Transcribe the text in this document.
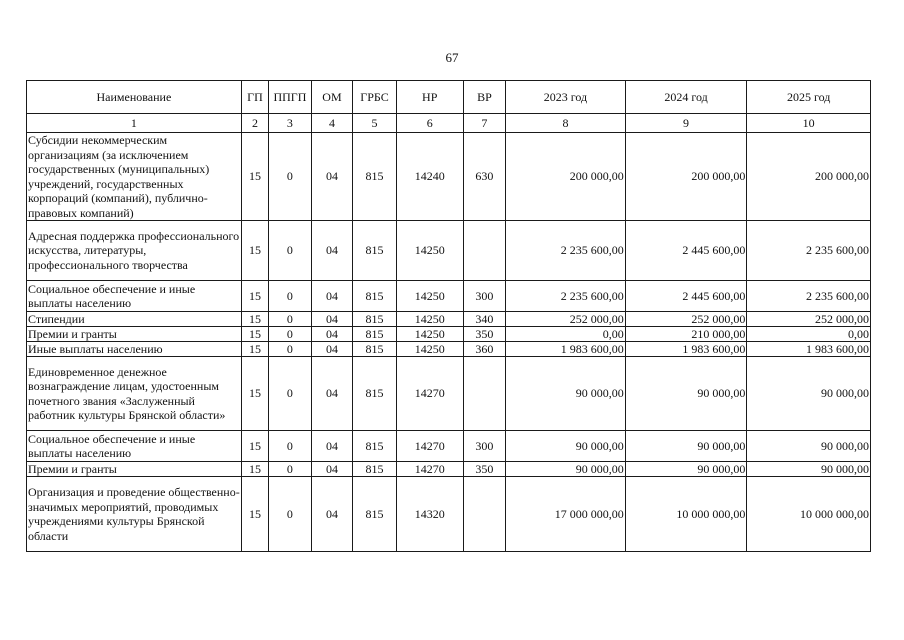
67
Наименование	ГП	ППГП	ОМ	ГРБС	НР	ВР	2023 год	2024 год	2025 год
1	2	3	4	5	6	7	8	9	10
Субсидии некоммерческим организациям (за исключением государственных (муниципальных) учреждений, государственных корпораций (компаний), публично-правовых компаний)	15	0	04	815	14240	630	200 000,00	200 000,00	200 000,00
Адресная поддержка профессионального искусства, литературы, профессионального творчества	15	0	04	815	14250		2 235 600,00	2 445 600,00	2 235 600,00
Социальное обеспечение и иные выплаты населению	15	0	04	815	14250	300	2 235 600,00	2 445 600,00	2 235 600,00
Стипендии	15	0	04	815	14250	340	252 000,00	252 000,00	252 000,00
Премии и гранты	15	0	04	815	14250	350	0,00	210 000,00	0,00
Иные выплаты населению	15	0	04	815	14250	360	1 983 600,00	1 983 600,00	1 983 600,00
Единовременное денежное вознаграждение лицам, удостоенным почетного звания «Заслуженный работник культуры Брянской области»	15	0	04	815	14270		90 000,00	90 000,00	90 000,00
Социальное обеспечение и иные выплаты населению	15	0	04	815	14270	300	90 000,00	90 000,00	90 000,00
Премии и гранты	15	0	04	815	14270	350	90 000,00	90 000,00	90 000,00
Организация и проведение общественно-значимых мероприятий, проводимых учреждениями культуры Брянской области	15	0	04	815	14320		17 000 000,00	10 000 000,00	10 000 000,00
